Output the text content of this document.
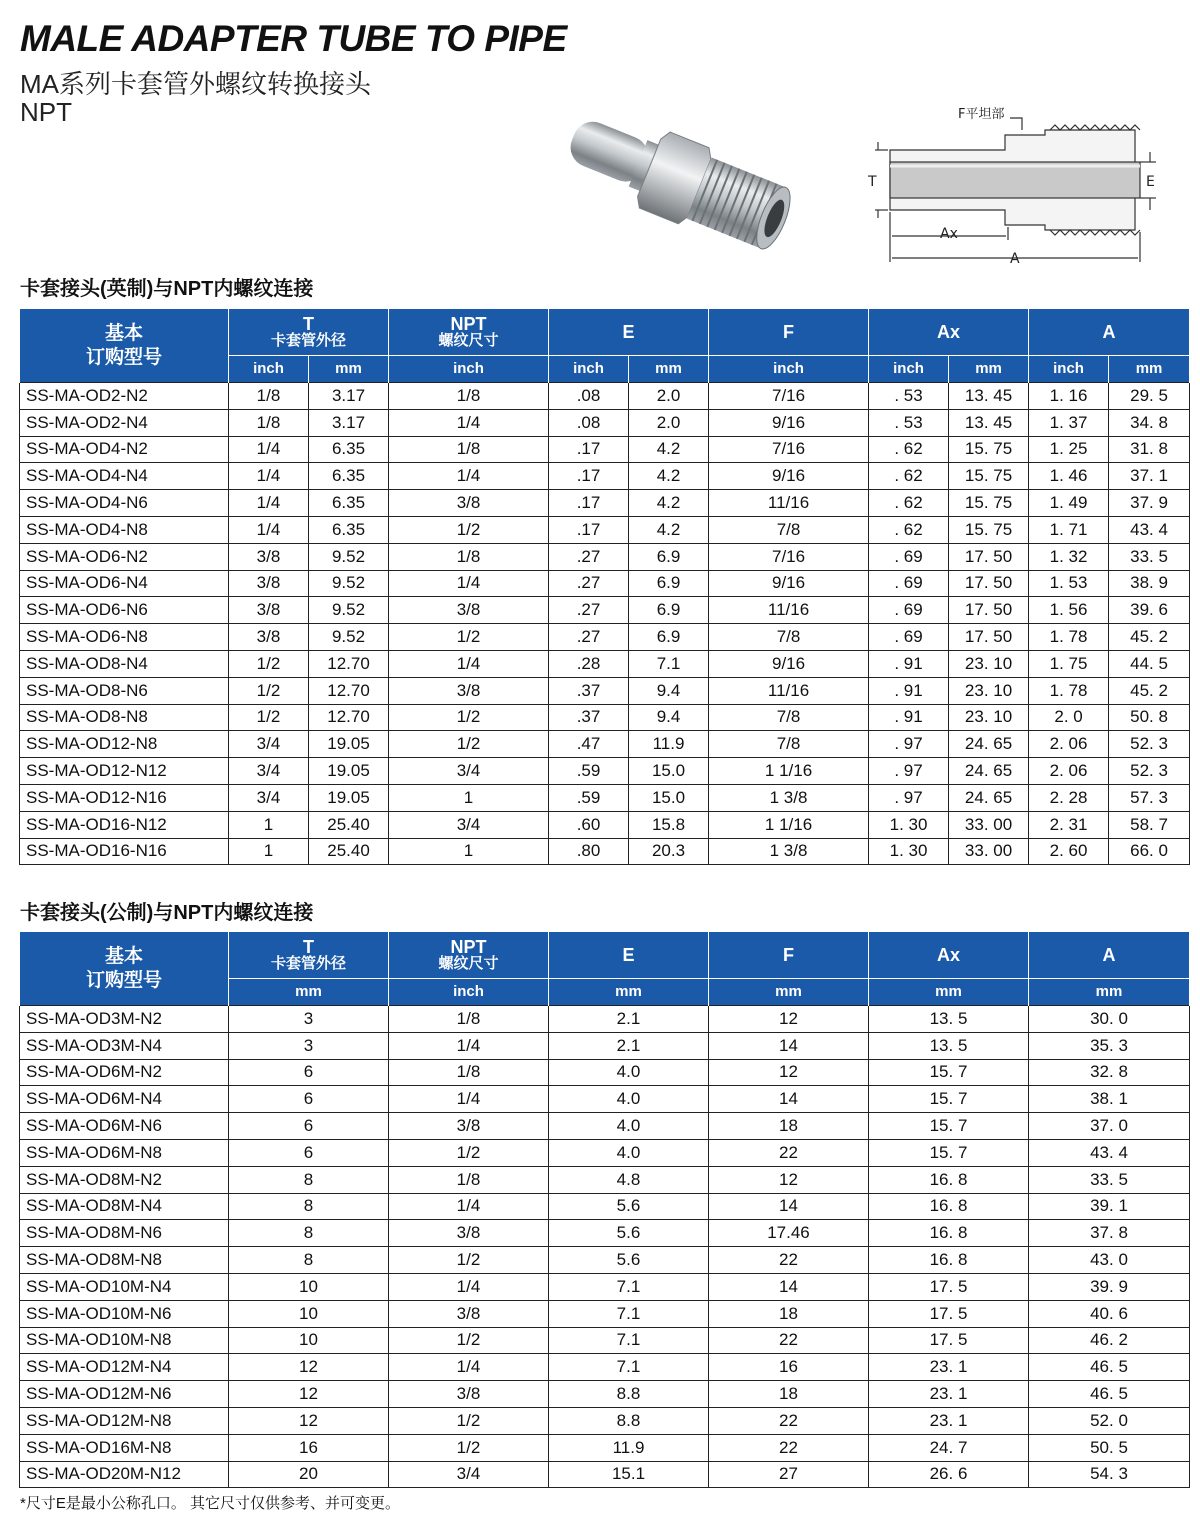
MALE ADAPTER TUBE TO PIPE
MA系列卡套管外螺纹转换接头
NPT	F平坦部
T	E
Ax
A
卡套接头(英制)与NPT内螺纹连接
基本
订购型号	T
卡套管外径		NPT
螺纹尺寸	E		F	Ax		A	
	inch	mm	inch	inch	mm	inch	inch	mm	inch	mm
SS-MA-OD2-N2	1/8	3.17	1/8	.08	2.0	7/16	. 53	13. 45	1. 16	29. 5
SS-MA-OD2-N4	1/8	3.17	1/4	.08	2.0	9/16	. 53	13. 45	1. 37	34. 8
SS-MA-OD4-N2	1/4	6.35	1/8	.17	4.2	7/16	. 62	15. 75	1. 25	31. 8
SS-MA-OD4-N4	1/4	6.35	1/4	.17	4.2	9/16	. 62	15. 75	1. 46	37. 1
SS-MA-OD4-N6	1/4	6.35	3/8	.17	4.2	11/16	. 62	15. 75	1. 49	37. 9
SS-MA-OD4-N8	1/4	6.35	1/2	.17	4.2	7/8	. 62	15. 75	1. 71	43. 4
SS-MA-OD6-N2	3/8	9.52	1/8	.27	6.9	7/16	. 69	17. 50	1. 32	33. 5
SS-MA-OD6-N4	3/8	9.52	1/4	.27	6.9	9/16	. 69	17. 50	1. 53	38. 9
SS-MA-OD6-N6	3/8	9.52	3/8	.27	6.9	11/16	. 69	17. 50	1. 56	39. 6
SS-MA-OD6-N8	3/8	9.52	1/2	.27	6.9	7/8	. 69	17. 50	1. 78	45. 2
SS-MA-OD8-N4	1/2	12.70	1/4	.28	7.1	9/16	. 91	23. 10	1. 75	44. 5
SS-MA-OD8-N6	1/2	12.70	3/8	.37	9.4	11/16	. 91	23. 10	1. 78	45. 2
SS-MA-OD8-N8	1/2	12.70	1/2	.37	9.4	7/8	. 91	23. 10	2. 0	50. 8
SS-MA-OD12-N8	3/4	19.05	1/2	.47	11.9	7/8	. 97	24. 65	2. 06	52. 3
SS-MA-OD12-N12	3/4	19.05	3/4	.59	15.0	1 1/16	. 97	24. 65	2. 06	52. 3
SS-MA-OD12-N16	3/4	19.05	1	.59	15.0	1 3/8	. 97	24. 65	2. 28	57. 3
SS-MA-OD16-N12	1	25.40	3/4	.60	15.8	1 1/16	1. 30	33. 00	2. 31	58. 7
SS-MA-OD16-N16	1	25.40	1	.80	20.3	1 3/8	1. 30	33. 00	2. 60	66. 0
卡套接头(公制)与NPT内螺纹连接
基本
订购型号	T
卡套管外径	NPT
螺纹尺寸	E	F	Ax	A
	mm	inch	mm	mm	mm	mm
SS-MA-OD3M-N2	3	1/8	2.1	12	13. 5	30. 0
SS-MA-OD3M-N4	3	1/4	2.1	14	13. 5	35. 3
SS-MA-OD6M-N2	6	1/8	4.0	12	15. 7	32. 8
SS-MA-OD6M-N4	6	1/4	4.0	14	15. 7	38. 1
SS-MA-OD6M-N6	6	3/8	4.0	18	15. 7	37. 0
SS-MA-OD6M-N8	6	1/2	4.0	22	15. 7	43. 4
SS-MA-OD8M-N2	8	1/8	4.8	12	16. 8	33. 5
SS-MA-OD8M-N4	8	1/4	5.6	14	16. 8	39. 1
SS-MA-OD8M-N6	8	3/8	5.6	17.46	16. 8	37. 8
SS-MA-OD8M-N8	8	1/2	5.6	22	16. 8	43. 0
SS-MA-OD10M-N4	10	1/4	7.1	14	17. 5	39. 9
SS-MA-OD10M-N6	10	3/8	7.1	18	17. 5	40. 6
SS-MA-OD10M-N8	10	1/2	7.1	22	17. 5	46. 2
SS-MA-OD12M-N4	12	1/4	7.1	16	23. 1	46. 5
SS-MA-OD12M-N6	12	3/8	8.8	18	23. 1	46. 5
SS-MA-OD12M-N8	12	1/2	8.8	22	23. 1	52. 0
SS-MA-OD16M-N8	16	1/2	11.9	22	24. 7	50. 5
SS-MA-OD20M-N12	20	3/4	15.1	27	26. 6	54. 3
*尺寸E是最小公称孔口。 其它尺寸仅供参考、并可变更。
